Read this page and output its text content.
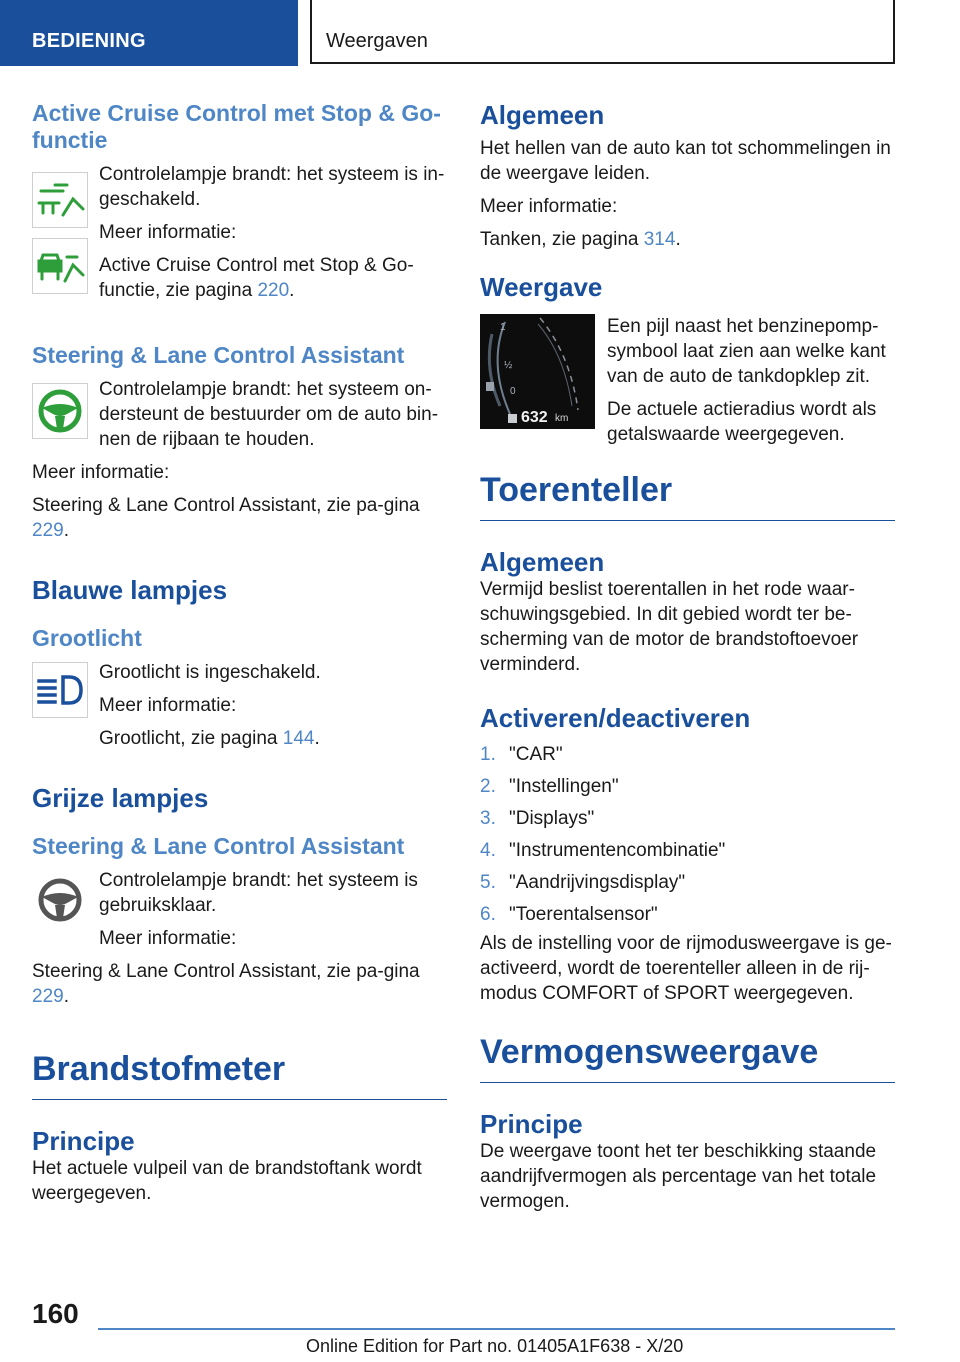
BEDIENING	Weergaven
Active Cruise Control met Stop & Go-functie

Controlelampje brandt: het systeem is in-geschakeld.

Meer informatie:

Active Cruise Control met Stop & Go-functie, zie pagina 220.

Steering & Lane Control Assistant

Controlelampje brandt: het systeem on-dersteunt de bestuurder om de auto bin-nen de rijbaan te houden.

Meer informatie:

Steering & Lane Control Assistant, zie pa-gina 229.

Blauwe lampjes
Grootlicht

Grootlicht is ingeschakeld.

Meer informatie:

Grootlicht, zie pagina 144.

Grijze lampjes
Steering & Lane Control Assistant

Controlelampje brandt: het systeem is gebruiksklaar.

Meer informatie:

Steering & Lane Control Assistant, zie pa-gina 229.

Brandstofmeter
Principe

Het actuele vulpeil van de brandstoftank wordt weergegeven.

Algemeen

Het hellen van de auto kan tot schommelingen in de weergave leiden.

Meer informatie:

Tanken, zie pagina 314.

Weergave
1
½
0
632 km

Een pijl naast het benzinepomp-symbool laat zien aan welke kant van de auto de tankdopklep zit.

De actuele actieradius wordt als getalswaarde weergegeven.

Toerenteller
Algemeen

Vermijd beslist toerentallen in het rode waar-schuwingsgebied. In dit gebied wordt ter be-scherming van de motor de brandstoftoevoer verminderd.

Activeren/deactiveren
1. "CAR"
2. "Instellingen"
3. "Displays"
4. "Instrumentencombinatie"
5. "Aandrijvingsdisplay"
6. "Toerentalsensor"

Als de instelling voor de rijmodusweergave is ge-activeerd, wordt de toerenteller alleen in de rij-modus COMFORT of SPORT weergegeven.

Vermogensweergave
Principe

De weergave toont het ter beschikking staande aandrijfvermogen als percentage van het totale vermogen.

160
Online Edition for Part no. 01405A1F638 - X/20
